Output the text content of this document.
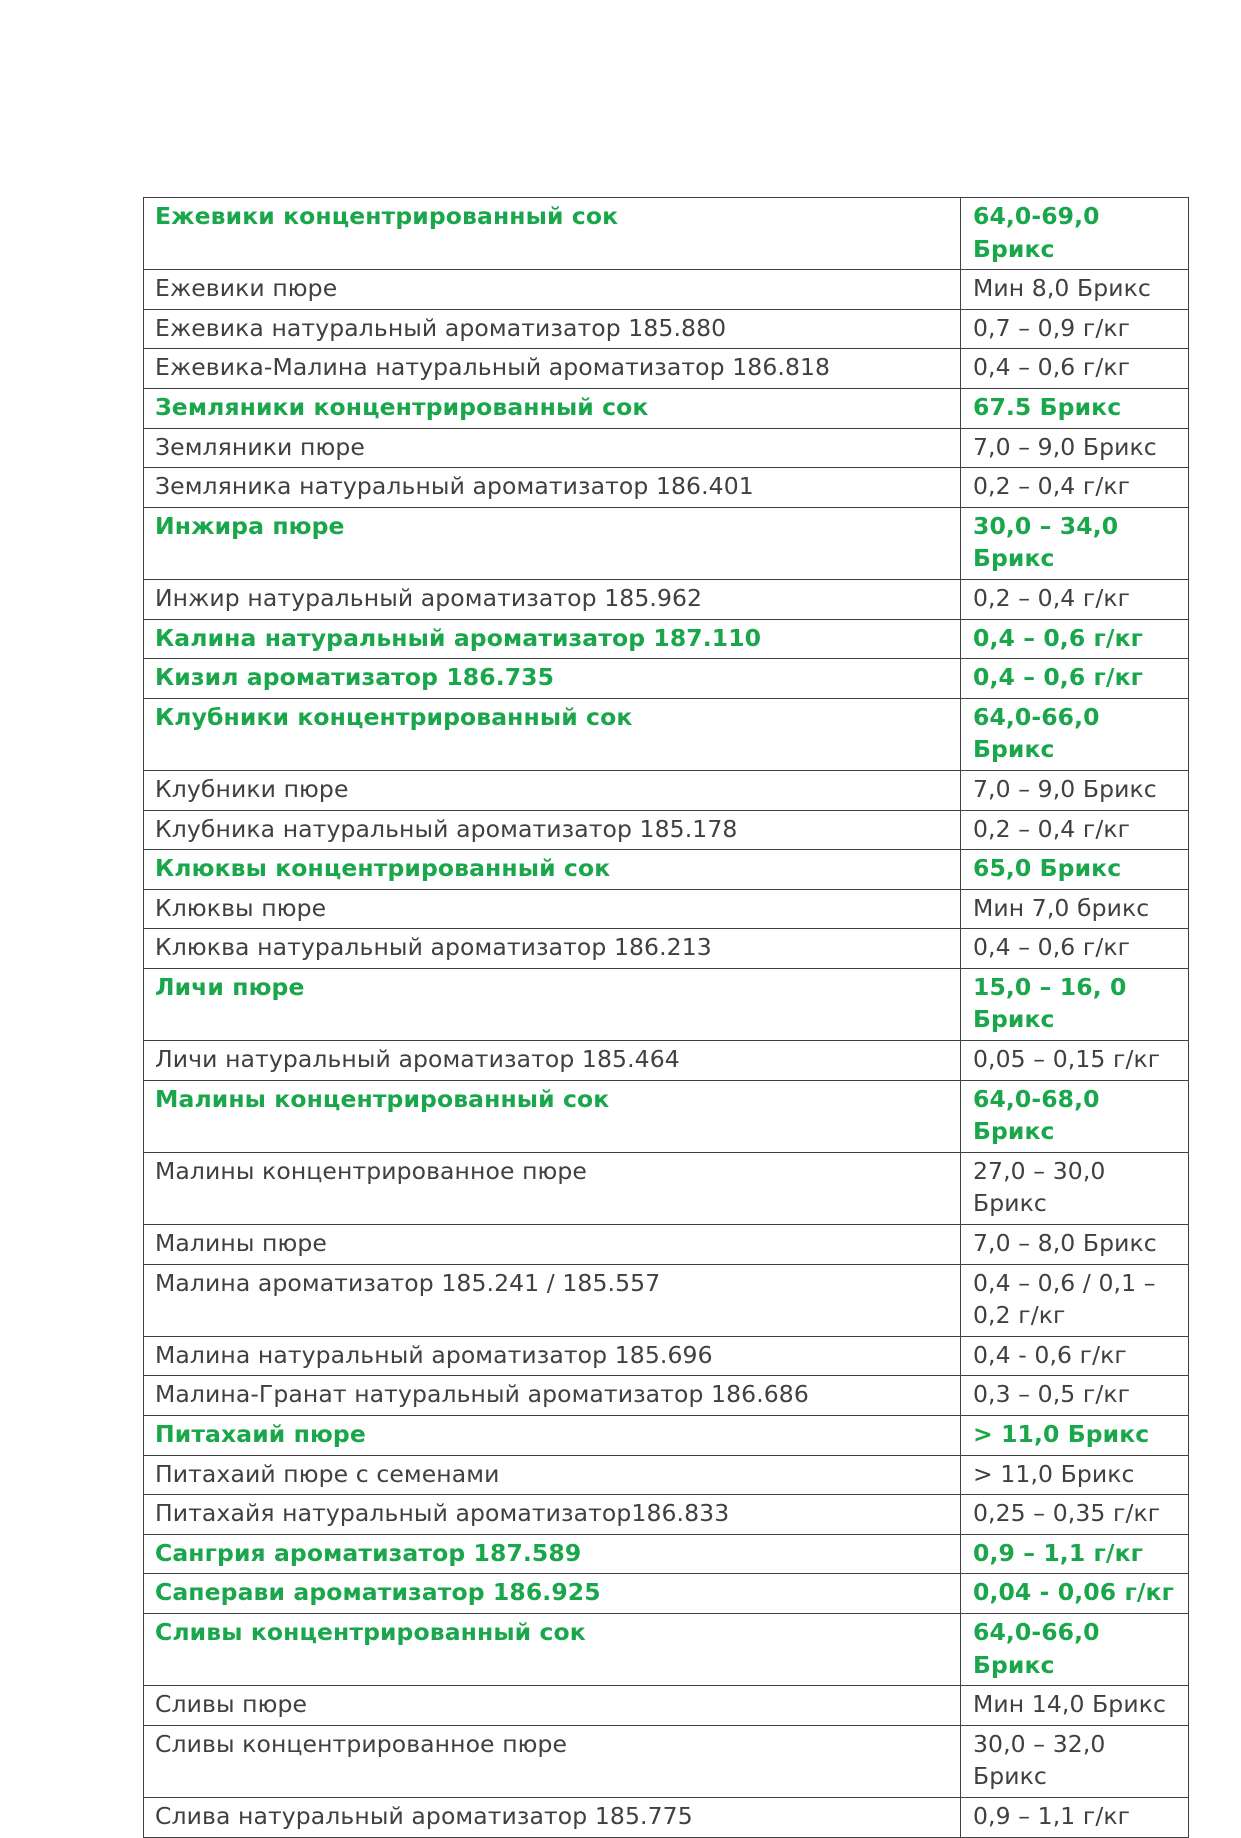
Ежевики концентрированный сок	64,0-69,0 Брикс
Ежевики пюре	Мин 8,0 Брикс
Ежевика натуральный ароматизатор 185.880	0,7 – 0,9 г/кг
Ежевика-Малина натуральный ароматизатор 186.818	0,4 – 0,6 г/кг
Земляники концентрированный сок	67.5 Брикс
Земляники пюре	7,0 – 9,0 Брикс
Земляника натуральный ароматизатор 186.401	0,2 – 0,4 г/кг
Инжира пюре	30,0 – 34,0 Брикс
Инжир натуральный ароматизатор 185.962	0,2 – 0,4 г/кг
Калина натуральный ароматизатор 187.110	0,4 – 0,6 г/кг
Кизил ароматизатор 186.735	0,4 – 0,6 г/кг
Клубники концентрированный сок	64,0-66,0 Брикс
Клубники пюре	7,0 – 9,0 Брикс
Клубника натуральный ароматизатор 185.178	0,2 – 0,4 г/кг
Клюквы концентрированный сок	65,0 Брикс
Клюквы пюре	Мин 7,0 брикс
Клюква натуральный ароматизатор 186.213	0,4 – 0,6 г/кг
Личи пюре	15,0 – 16, 0 Брикс
Личи натуральный ароматизатор 185.464	0,05 – 0,15 г/кг
Малины концентрированный сок	64,0-68,0 Брикс
Малины концентрированное пюре	27,0 – 30,0 Брикс
Малины пюре	7,0 – 8,0 Брикс
Малина ароматизатор 185.241 / 185.557	0,4 – 0,6 / 0,1 – 0,2 г/кг
Малина натуральный ароматизатор 185.696	0,4 - 0,6 г/кг
Малина-Гранат натуральный ароматизатор 186.686	0,3 – 0,5 г/кг
Питахаий пюре	> 11,0 Брикс
Питахаий пюре с семенами	> 11,0 Брикс
Питахайя натуральный ароматизатор186.833	0,25 – 0,35 г/кг
Сангрия ароматизатор 187.589	0,9 – 1,1 г/кг
Саперави ароматизатор 186.925	0,04 - 0,06 г/кг
Сливы концентрированный сок	64,0-66,0 Брикс
Сливы пюре	Мин 14,0 Брикс
Сливы концентрированное пюре	30,0 – 32,0 Брикс
Слива натуральный ароматизатор 185.775	0,9 – 1,1 г/кг
